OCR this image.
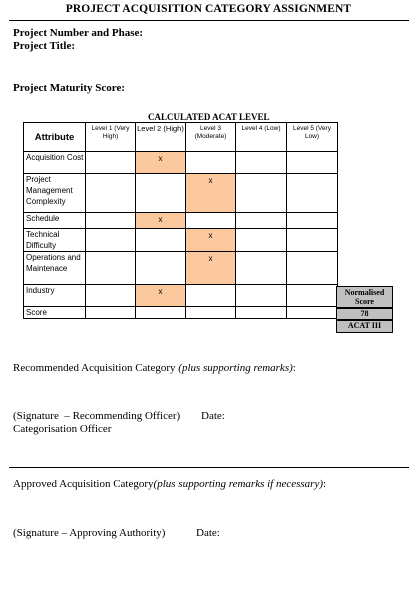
PROJECT ACQUISITION CATEGORY ASSIGNMENT
Project Number and Phase:
Project Title:
Project Maturity Score:
CALCULATED ACAT LEVEL
Attribute	Level 1 (Very High)	Level 2 (High)	Level 3 (Moderate)	Level 4 (Low)	Level 5 (Very Low)
Acquisition Cost		x			
Project Management Complexity			x		
Schedule		x			
Technical Difficulty			x		
Operations and Maintenace			x		
Industry		x			
Score					
Normalised Score
78
ACAT III
Recommended Acquisition Category (plus supporting remarks):
(Signature  – Recommending Officer) Date:
Categorisation Officer
Approved Acquisition Category(plus supporting remarks if necessary):
(Signature – Approving Authority)	Date:
